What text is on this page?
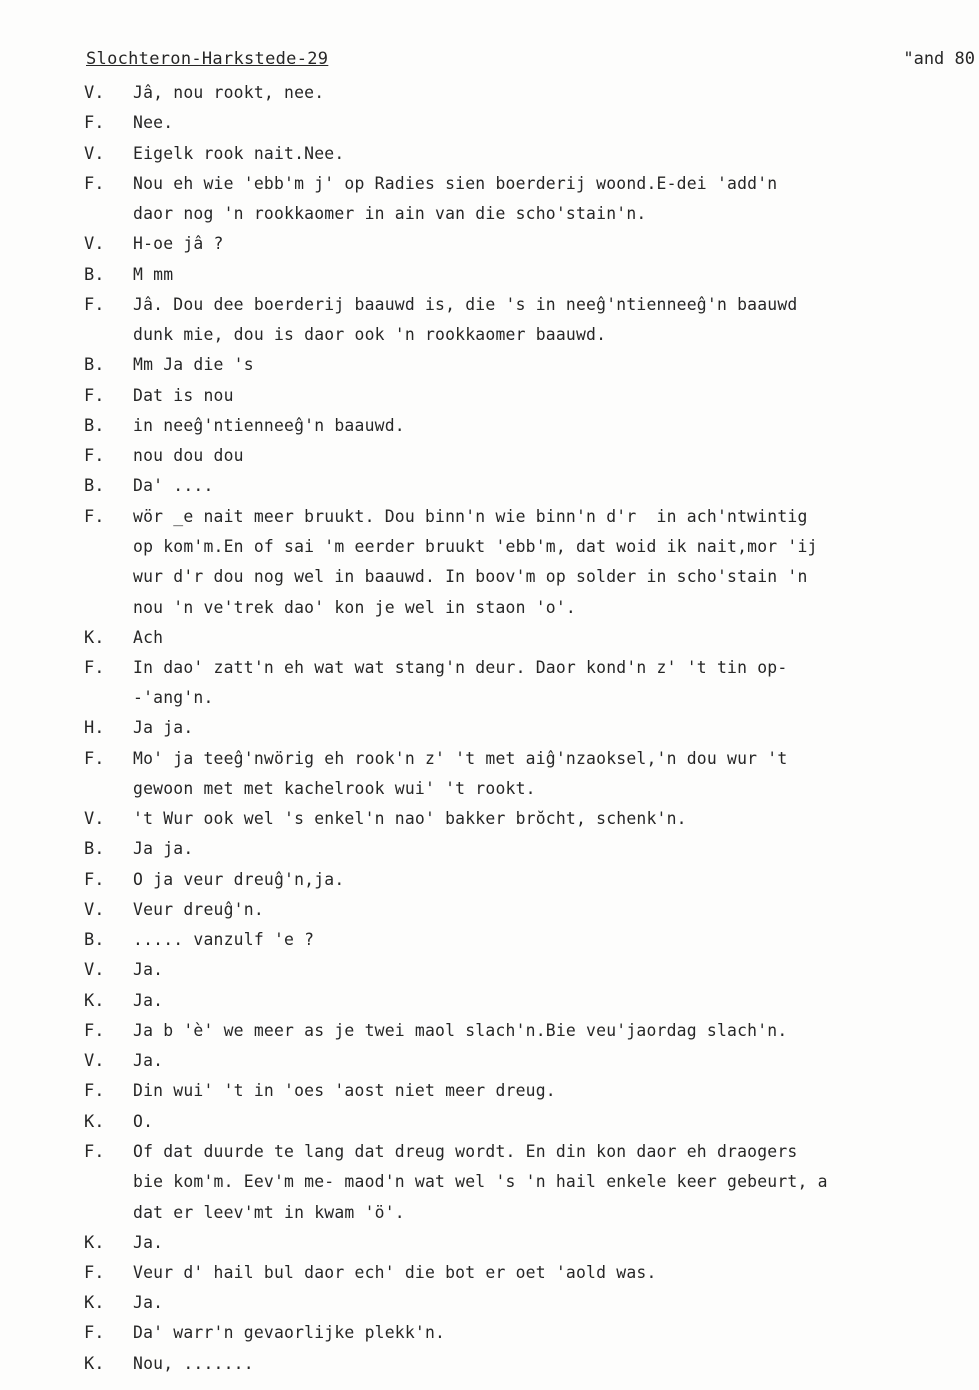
Slochteron-Harkstede-29	"and 80
V. Jâ, nou rookt, nee.
F. Nee.
V. Eigelk rook nait.Nee.
F. Nou eh wie 'ebb'm j' op Radies sien boerderij woond.E-dei 'add'n
daor nog 'n rookkaomer in ain van die scho'stain'n.
V. H-oe jâ ?
B. M mm
F. Jâ. Dou dee boerderij baauwd is, die 's in neeĝ'ntienneeĝ'n baauwd
dunk mie, dou is daor ook 'n rookkaomer baauwd.
B. Mm Ja die 's
F. Dat is nou
B. in neeĝ'ntienneeĝ'n baauwd.
F. nou dou dou
B. Da' ....
F. wör _e nait meer bruukt. Dou binn'n wie binn'n d'r  in ach'ntwintig
op kom'm.En of sai 'm eerder bruukt 'ebb'm, dat woid ik nait,mor 'ij
wur d'r dou nog wel in baauwd. In boov'm op solder in scho'stain 'n
nou 'n ve'trek dao' kon je wel in staon 'o'.
K. Ach
F. In dao' zatt'n eh wat wat stang'n deur. Daor kond'n z' 't tin op-
-'ang'n.
H. Ja ja.
F. Mo' ja teeĝ'nwörig eh rook'n z' 't met aiĝ'nzaoksel,'n dou wur 't
gewoon met met kachelrook wui' 't rookt.
V. 't Wur ook wel 's enkel'n nao' bakker brŏcht, schenk'n.
B. Ja ja.
F. O ja veur dreuĝ'n,ja.
V. Veur dreuĝ'n.
B. ..... vanzulf 'e ?
V. Ja.
K. Ja.
F. Ja b 'è' we meer as je twei maol slach'n.Bie veu'jaordag slach'n.
V. Ja.
F. Din wui' 't in 'oes 'aost niet meer dreug.
K. O.
F. Of dat duurde te lang dat dreug wordt. En din kon daor eh draogers
bie kom'm. Eev'm me- maod'n wat wel 's 'n hail enkele keer gebeurt, a
dat er leev'mt in kwam 'ö'.
K. Ja.
F. Veur d' hail bul daor ech' die bot er oet 'aold was.
K. Ja.
F. Da' warr'n gevaorlijke plekk'n.
K. Nou, .......
